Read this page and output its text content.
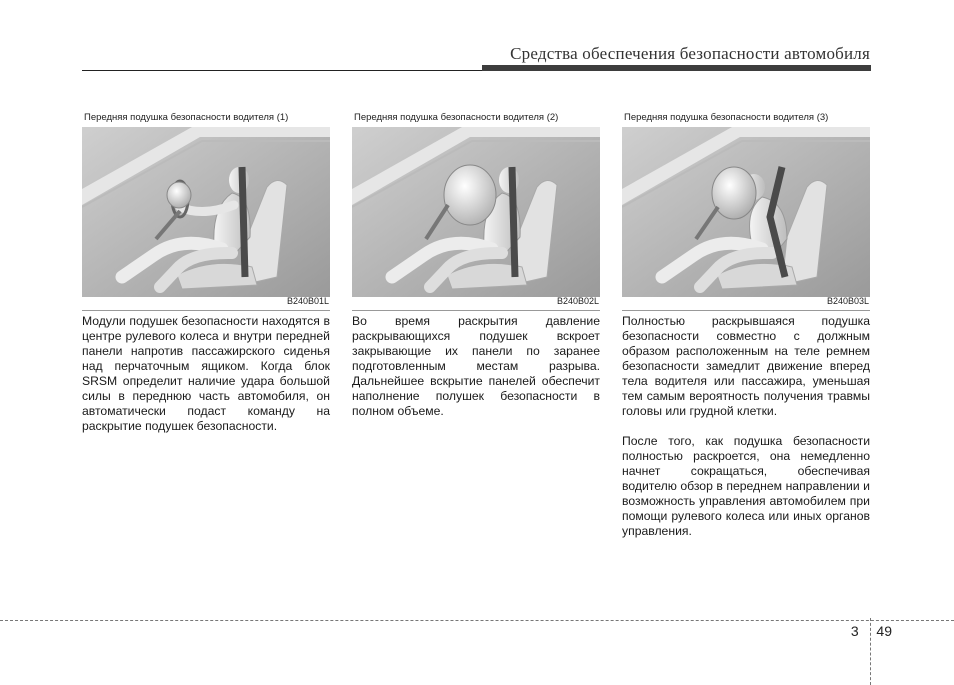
Средства обеспечения безопасности автомобиля
Передняя подушка безопасности водителя (1)
B240B01L

Модули подушек безопасности находятся в центре рулевого колеса и внутри передней панели напротив пассажирского сиденья над перчаточным ящиком. Когда блок SRSM определит наличие удара большой силы в переднюю часть автомобиля, он автоматически подаст команду на раскрытие подушек безопасности.

Передняя подушка безопасности водителя (2)
B240B02L

Во время раскрытия давление раскрывающихся подушек вскроет закрывающие их панели по заранее подготовленным местам разрыва. Дальнейшее вскрытие панелей обеспечит наполнение полушек безопасности в полном объеме.

Передняя подушка безопасности водителя (3)
B240B03L

Полностью раскрывшаяся подушка безопасности совместно с должным образом расположенным на теле ремнем безопасности замедлит движение вперед тела водителя или пассажира, уменьшая тем самым вероятность получения травмы головы или грудной клетки.

После того, как подушка безопасности полностью раскроется, она немедленно начнет сокращаться, обеспечивая водителю обзор в переднем направлении и возможность управления автомобилем при помощи рулевого колеса или иных органов управления.

3 49
